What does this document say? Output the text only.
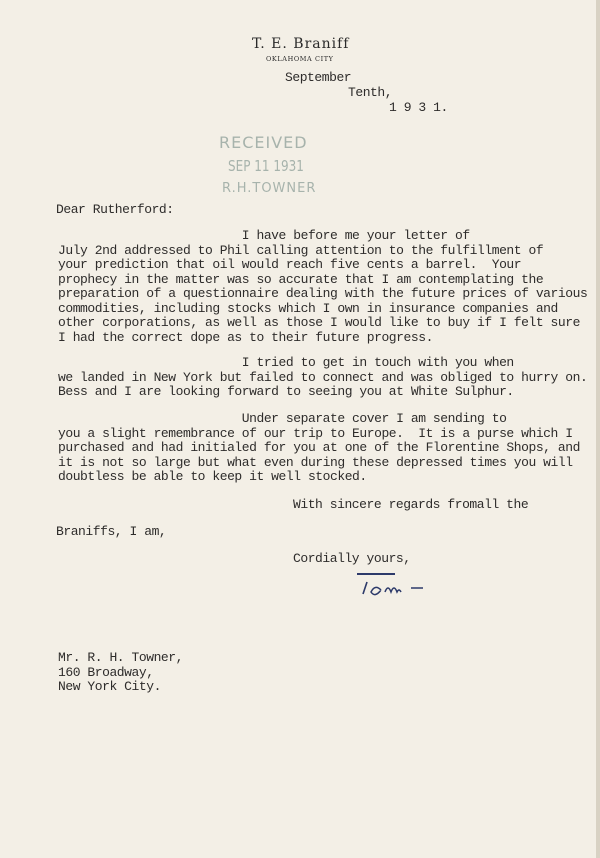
T. E. Braniff
OKLAHOMA CITY
September
Tenth,
1 9 3 1.
RECEIVED
SEP 11 1931
R.H.TOWNER
Dear Rutherford:
I have before me your letter of
July 2nd addressed to Phil calling attention to the fulfillment of
your prediction that oil would reach five cents a barrel.  Your
prophecy in the matter was so accurate that I am contemplating the
preparation of a questionnaire dealing with the future prices of various
commodities, including stocks which I own in insurance companies and
other corporations, as well as those I would like to buy if I felt sure
I had the correct dope as to their future progress.
I tried to get in touch with you when
we landed in New York but failed to connect and was obliged to hurry on.
Bess and I are looking forward to seeing you at White Sulphur.
Under separate cover I am sending to
you a slight remembrance of our trip to Europe.  It is a purse which I
purchased and had initialed for you at one of the Florentine Shops, and
it is not so large but what even during these depressed times you will
doubtless be able to keep it well stocked.
With sincere regards fromall the
Braniffs, I am,
Cordially yours,
Mr. R. H. Towner,
160 Broadway,
New York City.
